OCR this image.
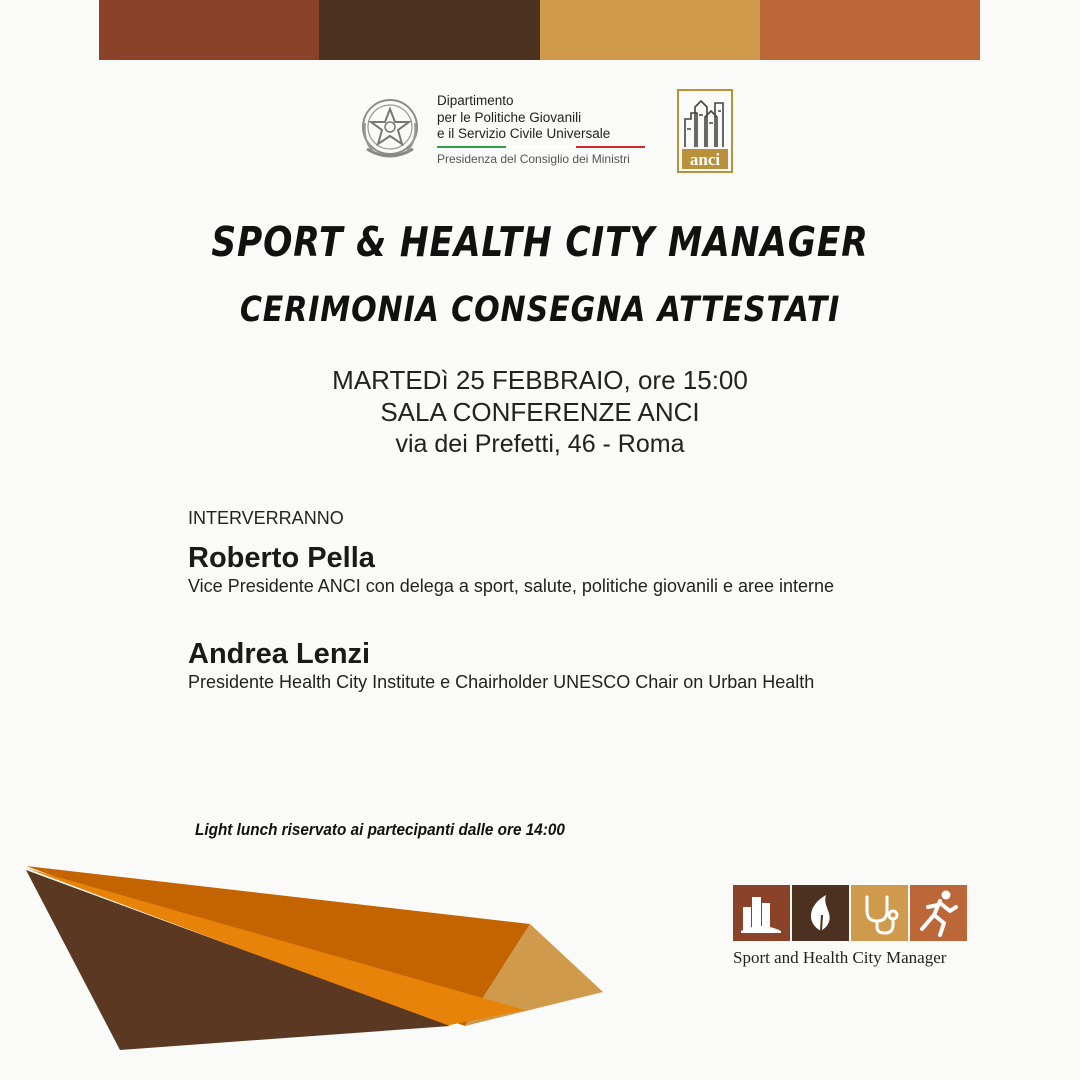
Dipartimento
per le Politiche Giovanili
e il Servizio Civile Universale
Presidenza del Consiglio dei Ministri	anci
SPORT & HEALTH CITY MANAGER
CERIMONIA CONSEGNA ATTESTATI
MARTEDì 25 FEBBRAIO, ore 15:00
SALA CONFERENZE ANCI
via dei Prefetti, 46 - Roma
INTERVERRANNO
Roberto Pella
Vice Presidente ANCI con delega a sport, salute, politiche giovanili e aree interne
Andrea Lenzi
Presidente Health City Institute e Chairholder UNESCO Chair on Urban Health
Light lunch riservato ai partecipanti dalle ore 14:00
Sport and Health City Manager
